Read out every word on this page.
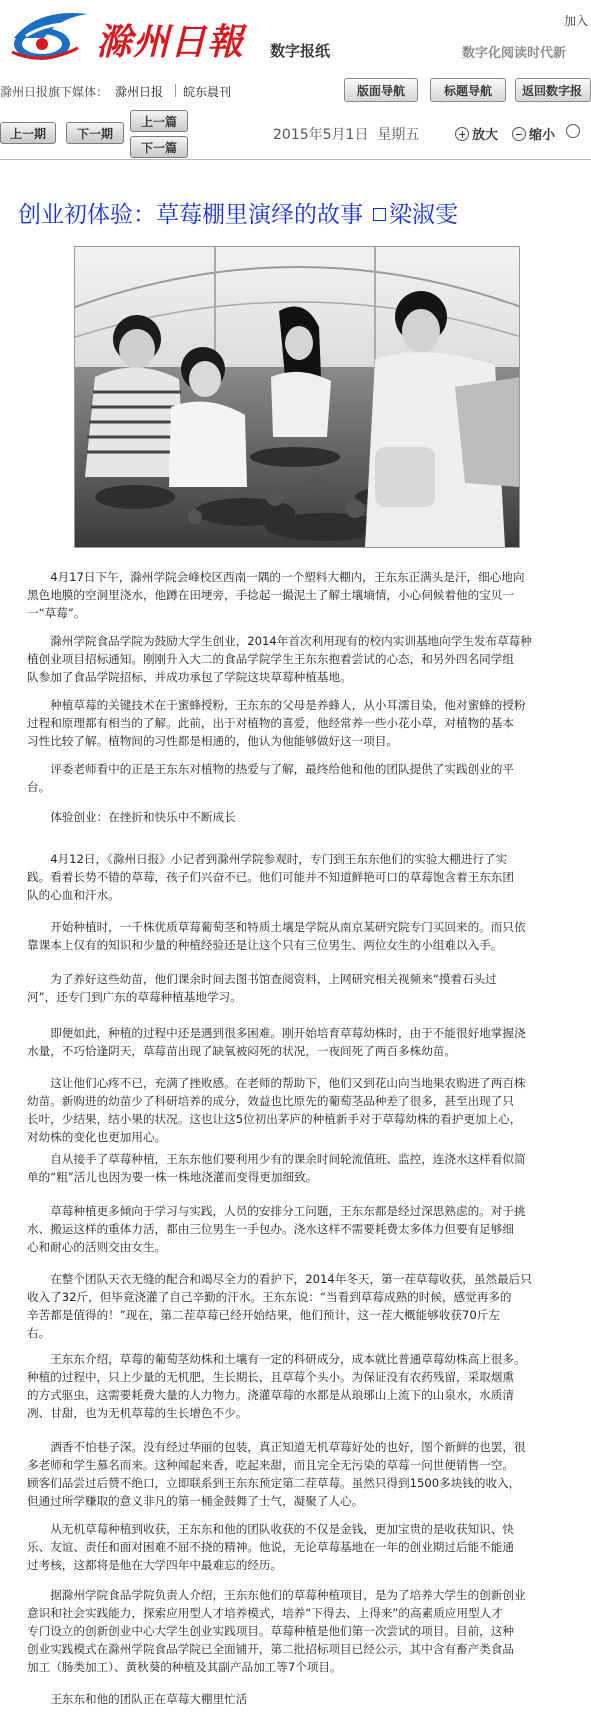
滁州日報 数字报纸
加入
数字化阅读时代新
滁州日报旗下媒体： 滁州日报 皖东晨刊	版面导航	标题导航	返回数字报
上一期	下一期
上一篇
下一篇
2015年5月1日 星期五	放大 缩小
创业初体验：草莓棚里演绎的故事 梁淑雯

4月17日下午，滁州学院会峰校区西南一隅的一个塑料大棚内，王东东正满头是汗，细心地向

黑色地膜的空洞里浇水，他蹲在田埂旁，手捻起一撮泥土了解土壤墒情，小心伺候着他的宝贝一

一“草莓”。

滁州学院食品学院为鼓励大学生创业，2014年首次利用现有的校内实训基地向学生发布草莓种

植创业项目招标通知。刚刚升入大二的食品学院学生王东东抱着尝试的心态，和另外四名同学组

队参加了食品学院招标，并成功承包了学院这块草莓种植基地。

种植草莓的关键技术在于蜜蜂授粉，王东东的父母是养蜂人，从小耳濡目染，他对蜜蜂的授粉

过程和原理都有相当的了解。此前，出于对植物的喜爱，他经常养一些小花小草，对植物的基本

习性比较了解。植物间的习性都是相通的，他认为他能够做好这一项目。

评委老师看中的正是王东东对植物的热爱与了解，最终给他和他的团队提供了实践创业的平

台。

体验创业：在挫折和快乐中不断成长

4月12日，《滁州日报》小记者到滁州学院参观时，专门到王东东他们的实验大棚进行了实

践。看着长势不错的草莓，孩子们兴奋不已。他们可能并不知道鲜艳可口的草莓饱含着王东东团

队的心血和汗水。

开始种植时，一千株优质草莓葡萄茎和特质土壤是学院从南京某研究院专门买回来的。而只依

靠课本上仅有的知识和少量的种植经验还是让这个只有三位男生、两位女生的小组难以入手。

为了养好这些幼苗，他们课余时间去图书馆查阅资料，上网研究相关视频来“摸着石头过

河”，还专门到广东的草莓种植基地学习。

即便如此，种植的过程中还是遇到很多困难。刚开始培育草莓幼株时，由于不能很好地掌握浇

水量，不巧恰逢阴天，草莓苗出现了缺氧被闷死的状况，一夜间死了两百多株幼苗。

这让他们心疼不已，充满了挫败感。在老师的帮助下，他们又到花山向当地果农购进了两百株

幼苗。新购进的幼苗少了科研培养的成分，效益也比原先的葡萄茎品种差了很多，甚至出现了只

长叶，少结果，结小果的状况。这也让这5位初出茅庐的种植新手对于草莓幼株的看护更加上心，

对幼株的变化也更加用心。

自从接手了草莓种植，王东东他们要利用少有的课余时间轮流值班、监控，连浇水这样看似简

单的“粗”活儿也因为要一株一株地浇灌而变得更加细致。

草莓种植更多倾向于学习与实践，人员的安排分工问题，王东东都是经过深思熟虑的。对于挑

水、搬运这样的重体力活，都由三位男生一手包办。浇水这样不需要耗费太多体力但要有足够细

心和耐心的活则交由女生。

在整个团队天衣无缝的配合和竭尽全力的看护下，2014年冬天，第一茬草莓收获，虽然最后只

收入了32斤，但毕竟浇灌了自己辛勤的汗水。王东东说：“当看到草莓成熟的时候，感觉再多的

辛苦都是值得的！”现在，第二茬草莓已经开始结果，他们预计，这一茬大概能够收获70斤左

右。

王东东介绍，草莓的葡萄茎幼株和土壤有一定的科研成分，成本就比普通草莓幼株高上很多。

种植的过程中，只上少量的无机肥，生长期长，且草莓个头小。为保证没有农药残留，采取烟熏

的方式驱虫，这需要耗费大量的人力物力。浇灌草莓的水都是从琅琊山上流下的山泉水，水质清

冽、甘甜，也为无机草莓的生长增色不少。

酒香不怕巷子深。没有经过华丽的包装，真正知道无机草莓好处的也好，图个新鲜的也罢，很

多老师和学生慕名而来。这种闻起来香，吃起来甜，而且完全无污染的草莓一问世便销售一空。

顾客们品尝过后赞不绝口，立即联系到王东东预定第二茬草莓。虽然只得到1500多块钱的收入，

但通过所学赚取的意义非凡的第一桶金鼓舞了士气，凝聚了人心。

从无机草莓种植到收获，王东东和他的团队收获的不仅是金钱，更加宝贵的是收获知识、快

乐、友谊、责任和面对困难不屈不挠的精神。他说，无论草莓基地在一年的创业期过后能不能通

过考核，这都将是他在大学四年中最难忘的经历。

据滁州学院食品学院负责人介绍，王东东他们的草莓种植项目，是为了培养大学生的创新创业

意识和社会实践能力，探索应用型人才培养模式，培养“下得去、上得来”的高素质应用型人才

专门设立的创新创业中心大学生创业实践项目。草莓种植是他们第一次尝试的项目。目前，这种

创业实践模式在滁州学院食品学院已全面铺开，第二批招标项目已经公示，其中含有畜产类食品

加工（肠类加工）、黄秋葵的种植及其副产品加工等7个项目。

王东东和他的团队正在草莓大棚里忙活
